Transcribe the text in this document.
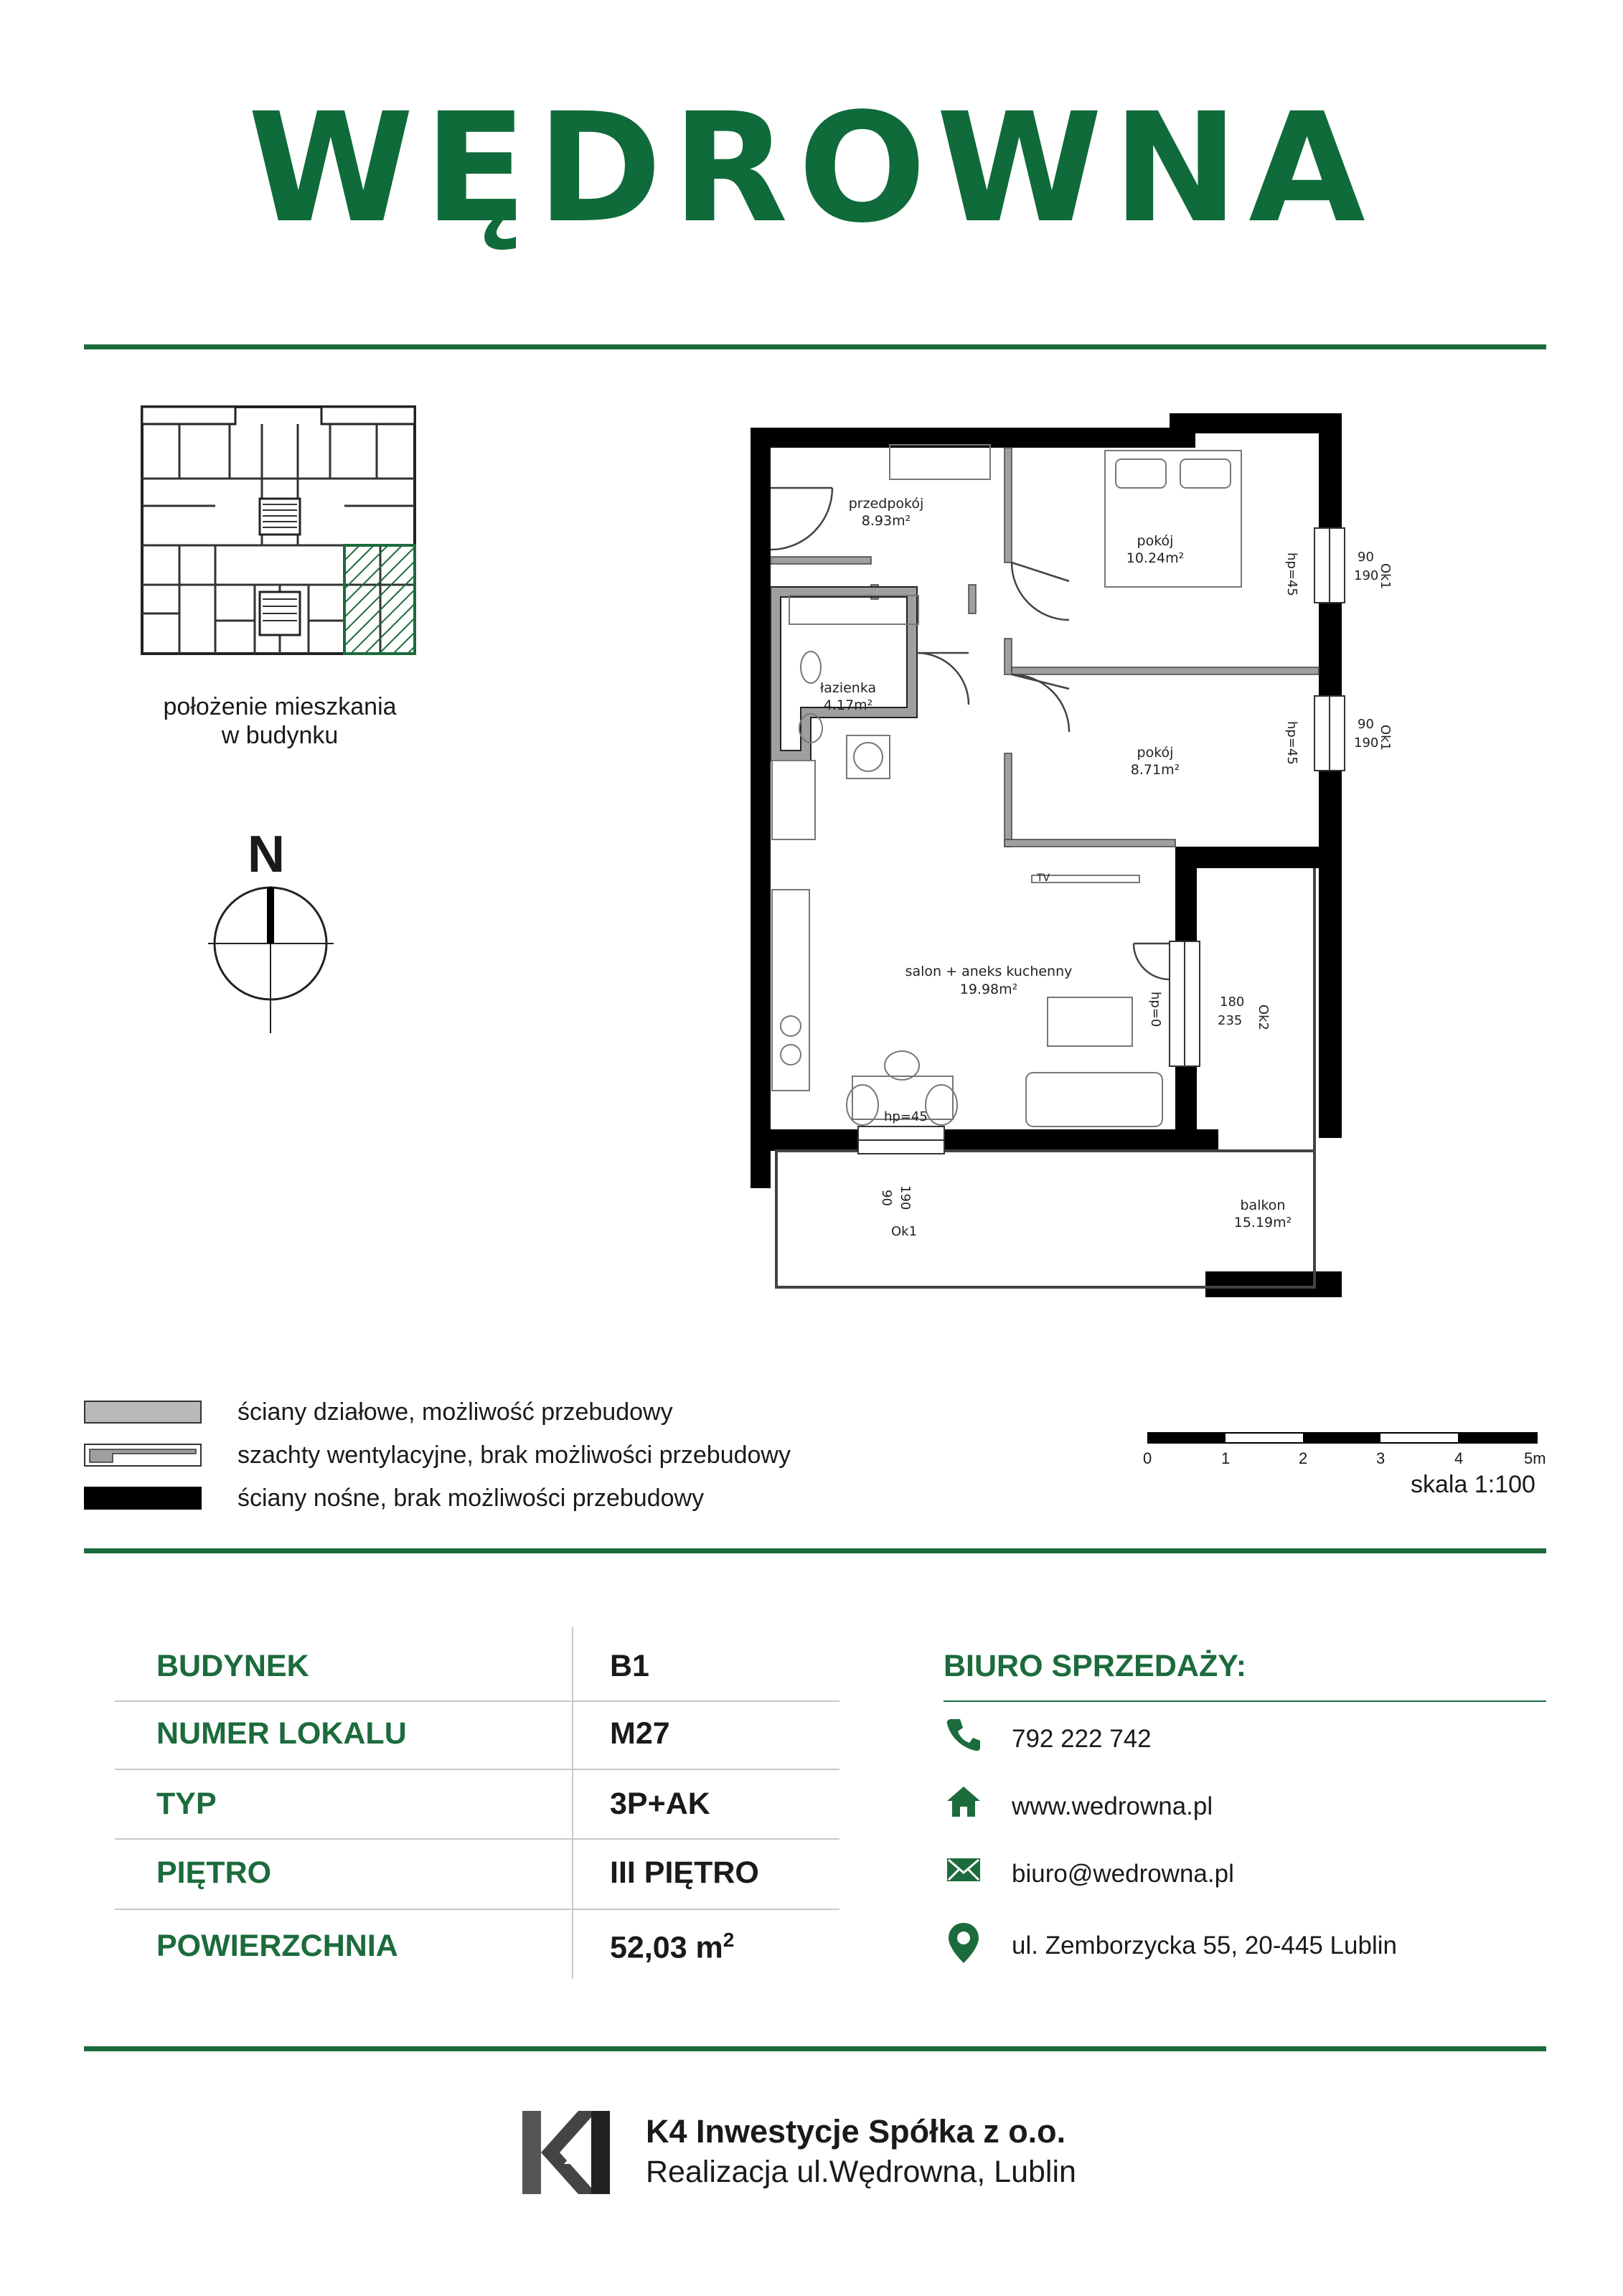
WĘDROWNA
położenie mieszkania
w budynku
N
przedpokój
8.93m²
pokój
10.24m²
łazienka
4.17m²
pokój
8.71m²
salon + aneks kuchenny
19.98m²
balkon
15.19m²
TV
hp=45	90
190
Ok1
hp=45	90
190
Ok1
hp=0	180
235 Ok2
hp=45
90 190
Ok1
ściany działowe, możliwość przebudowy
szachty wentylacyjne, brak możliwości przebudowy
ściany nośne, brak możliwości przebudowy
0	1	2	3	4	5m
skala 1:100
BUDYNEK	B1
NUMER LOKALU	M27
TYP	3P+AK
PIĘTRO	III PIĘTRO
POWIERZCHNIA	52,03 $m^2$
BIURO SPRZEDAŻY:
792 222 742
www.wedrowna.pl
biuro@wedrowna.pl
ul. Zemborzycka 55, 20-445 Lublin
K4 Inwestycje Spółka z o.o.
Realizacja ul.Wędrowna, Lublin
